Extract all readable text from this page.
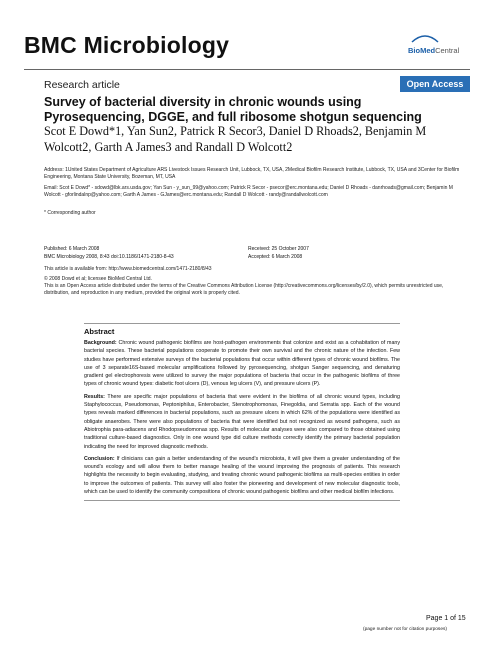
BMC Microbiology	BioMedCentral
Research article	Open Access
Survey of bacterial diversity in chronic wounds using Pyrosequencing, DGGE, and full ribosome shotgun sequencing
Scot E Dowd*1, Yan Sun2, Patrick R Secor3, Daniel D Rhoads2, Benjamin M Wolcott2, Garth A James3 and Randall D Wolcott2
Address: 1United States Department of Agriculture ARS Livestock Issues Research Unit, Lubbock, TX, USA, 2Medical Biofilm Research Institute, Lubbock, TX, USA and 3Center for Biofilm Engineering, Montana State University, Bozeman, MT, USA
Email: Scot E Dowd* - sdowd@lbk.ars.usda.gov; Yan Sun - y_sun_99@yahoo.com; Patrick R Secor - psecor@erc.montana.edu; Daniel D Rhoads - danrhoads@gmail.com; Benjamin M Wolcott - gforlindalnp@yahoo.com; Garth A James - GJames@erc.montana.edu; Randall D Wolcott - randy@randallwolcott.com
* Corresponding author
Published: 6 March 2008
BMC Microbiology 2008, 8:43 doi:10.1186/1471-2180-8-43
Received: 25 October 2007
Accepted: 6 March 2008
This article is available from: http://www.biomedcentral.com/1471-2180/8/43
© 2008 Dowd et al; licensee BioMed Central Ltd.
This is an Open Access article distributed under the terms of the Creative Commons Attribution License (http://creativecommons.org/licenses/by/2.0), which permits unrestricted use, distribution, and reproduction in any medium, provided the original work is properly cited.
Abstract

Background: Chronic wound pathogenic biofilms are host-pathogen environments that colonize and exist as a cohabitation of many bacterial species. These bacterial populations cooperate to promote their own survival and the chronic nature of the infection. Few studies have performed extensive surveys of the bacterial populations that occur within different types of chronic wound biofilms. The use of 3 separate16S-based molecular amplifications followed by pyrosequencing, shotgun Sanger sequencing, and denaturing gradient gel electrophoresis were utilized to survey the major populations of bacteria that occur in the pathogenic biofilms of three types of chronic wound types: diabetic foot ulcers (D), venous leg ulcers (V), and pressure ulcers (P).

Results: There are specific major populations of bacteria that were evident in the biofilms of all chronic wound types, including Staphylococcus, Pseudomonas, Peptoniphilus, Enterobacter, Stenotrophomonas, Finegoldia, and Serratia spp. Each of the wound types reveals marked differences in bacterial populations, such as pressure ulcers in which 62% of the populations were identified as obligate anaerobes. There were also populations of bacteria that were identified but not recognized as wound pathogens, such as Abiotrophia para-adiacens and Rhodopseudomonas spp. Results of molecular analyses were also compared to those obtained using traditional culture-based diagnostics. Only in one wound type did culture methods correctly identify the primary bacterial population indicating the need for improved diagnostic methods.

Conclusion: If clinicians can gain a better understanding of the wound's microbiota, it will give them a greater understanding of the wound's ecology and will allow them to better manage healing of the wound improving the prognosis of patients. This research highlights the necessity to begin evaluating, studying, and treating chronic wound pathogenic biofilms as multi-species entities in order to improve the outcomes of patients. This survey will also foster the pioneering and development of new molecular diagnostic tools, which can be used to identify the community compositions of chronic wound pathogenic biofilms and other medical biofilm infections.

Page 1 of 15
(page number not for citation purposes)
